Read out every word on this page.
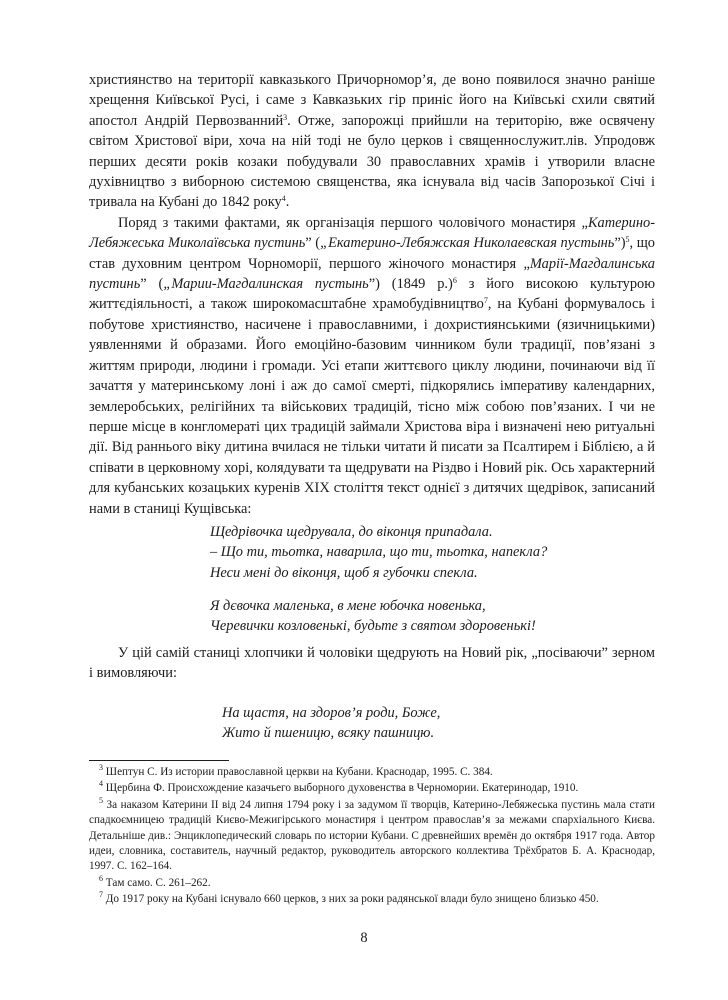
християнство на території кавказького Причорномор’я, де воно появилося значно раніше хрещення Київської Русі, і саме з Кавказьких гір приніс його на Київські схили святий апостол Андрій Первозванний$^3$. Отже, запорожці прийшли на територію, вже освячену світом Христової віри, хоча на ній тоді не було церков і священнослужит.лів. Упродовж перших десяти років козаки побудували 30 православних храмів і утворили власне духівництво з виборною системою священства, яка існувала від часів Запорозької Січі і тривала на Кубані до 1842 року$^4$.

Поряд з такими фактами, як організація першого чоловічого монастиря „Катерино-Лебяжеська Миколаївська пустинь” („Екатерино-Лебяжская Николаевская пустынь”)$^5$, що став духовним центром Чорноморії, першого жіночого монастиря „Марії-Магдалинська пустинь” („Марии-Магдалинская пустынь”) (1849 р.)$^6$ з його високою культурою життєдіяльності, а також широкомасштабне храмобудівництво$^7$, на Кубані формувалось і побутове християнство, насичене і православними, і дохристиянськими (язичницькими) уявленнями й образами. Його емоційно-базовим чинником були традиції, пов’язані з життям природи, людини і громади. Усі етапи життєвого циклу людини, починаючи від її зачаття у материнському лоні і аж до самої смерті, підкорялись імперативу календарних, землеробських, релігійних та військових традицій, тісно між собою пов’язаних. І чи не перше місце в конгломераті цих традицій займали Христова віра і визначені нею ритуальні дії. Від раннього віку дитина вчилася не тільки читати й писати за Псалтирем і Біблією, а й співати в церковному хорі, колядувати та щедрувати на Різдво і Новий рік. Ось характерний для кубанських козацьких куренів XIX століття текст однієї з дитячих щедрівок, записаний нами в станиці Кущівська:

Щедрівочка щедрувала, до віконця припадала.
– Що ти, тьотка, наварила, що ти, тьотка, напекла?
Неси мені до віконця, щоб я губочки спекла.
Я дєвочка маленька, в мене юбочка новенька,
Черевички козловенькі, будьте з святом здоровенькі!
У цій самій станиці хлопчики й чоловіки щедрують на Новий рік, „посіваючи” зерном і вимовляючи:
На щастя, на здоров’я роди, Боже,
Жито й пшеницю, всяку пашницю.

$^3$ Шептун С. Из истории православной церкви на Кубани. Краснодар, 1995. С. 384.

$^4$ Щербина Ф. Происхождение казачьего выборного духовенства в Черномории. Екатеринодар, 1910.

$^5$ За наказом Катерини II від 24 липня 1794 року і за задумом її творців, Катерино-Лебяжеська пустинь мала стати спадкоємницею традицій Києво-Межигірського монастиря і центром православ’я за межами спархіального Києва. Детальніше див.: Энциклопедический словарь по истории Кубани. С древнейших времён до октября 1917 года. Автор идеи, словника, составитель, научный редактор, руководитель авторского коллектива Трёхбратов Б. А. Краснодар, 1997. С. 162–164.

$^6$ Там само. С. 261–262.

$^7$ До 1917 року на Кубані існувало 660 церков, з них за роки радянської влади було знищено близько 450.

8
